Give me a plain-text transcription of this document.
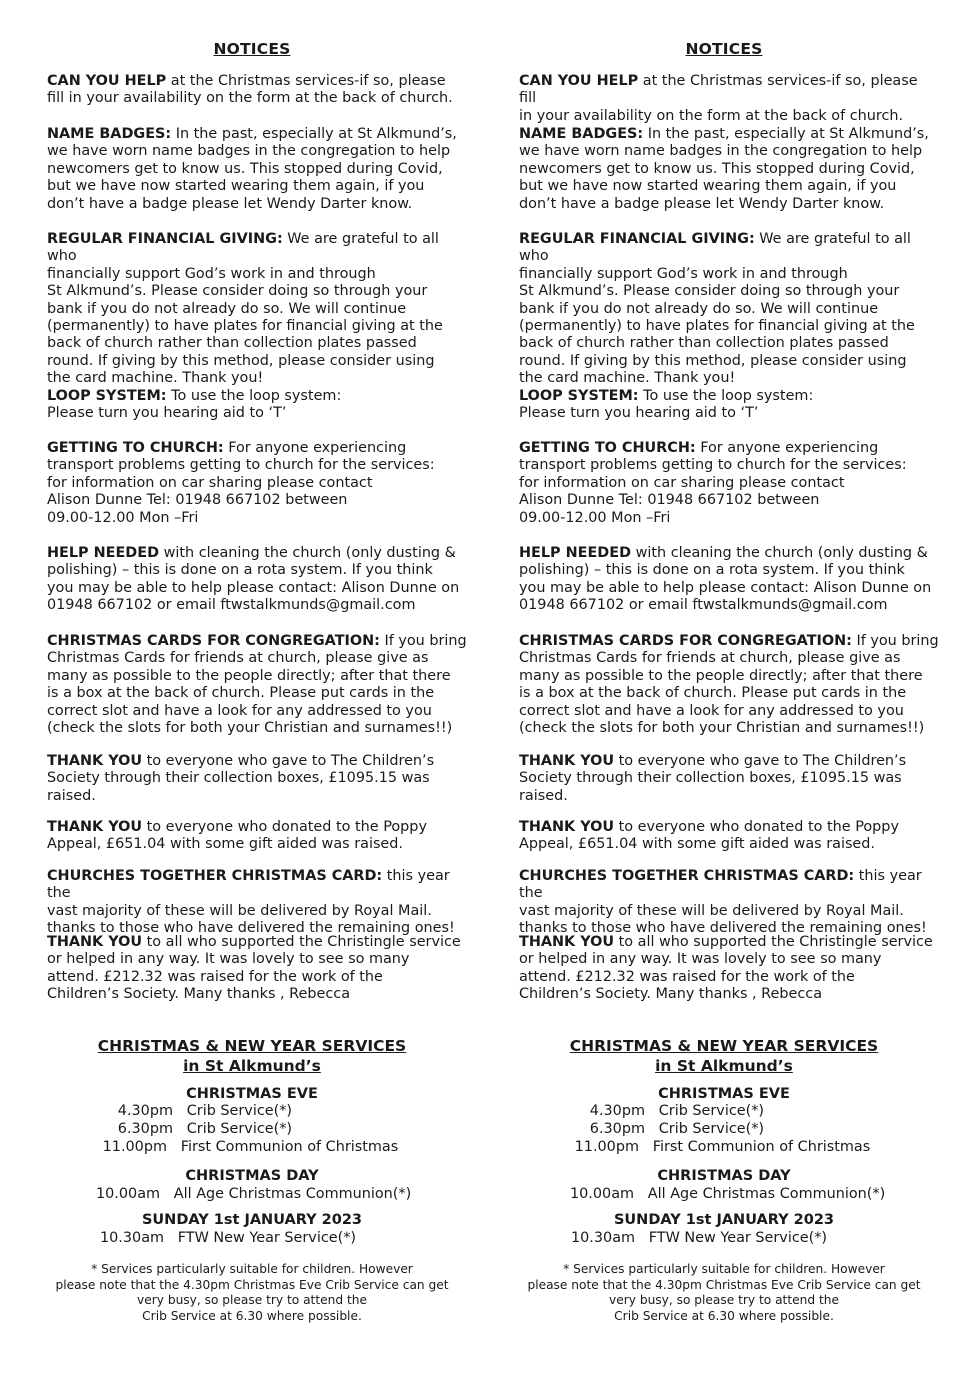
NOTICES

CAN YOU HELP at the Christmas services-if so, please
fill in your availability on the form at the back of church.

NAME BADGES: In the past, especially at St Alkmund’s,
we have worn name badges in the congregation to help
newcomers get to know us. This stopped during Covid,
but we have now started wearing them again, if you
don’t have a badge please let Wendy Darter know.

REGULAR FINANCIAL GIVING: We are grateful to all who
financially support God’s work in and through
St Alkmund’s. Please consider doing so through your
bank if you do not already do so. We will continue
(permanently) to have plates for financial giving at the
back of church rather than collection plates passed
round. If giving by this method, please consider using
the card machine. Thank you!

LOOP SYSTEM: To use the loop system:
Please turn you hearing aid to ‘T’

GETTING TO CHURCH: For anyone experiencing
transport problems getting to church for the services:
for information on car sharing please contact
Alison Dunne Tel: 01948 667102 between
09.00-12.00 Mon –Fri

HELP NEEDED with cleaning the church (only dusting &
polishing) – this is done on a rota system. If you think
you may be able to help please contact: Alison Dunne on
01948 667102 or email ftwstalkmunds@gmail.com

CHRISTMAS CARDS FOR CONGREGATION: If you bring
Christmas Cards for friends at church, please give as
many as possible to the people directly; after that there
is a box at the back of church. Please put cards in the
correct slot and have a look for any addressed to you
(check the slots for both your Christian and surnames!!)

THANK YOU to everyone who gave to The Children’s
Society through their collection boxes, £1095.15 was
raised.

THANK YOU to everyone who donated to the Poppy
Appeal, £651.04 with some gift aided was raised.

CHURCHES TOGETHER CHRISTMAS CARD: this year the
vast majority of these will be delivered by Royal Mail.
thanks to those who have delivered the remaining ones!

THANK YOU to all who supported the Christingle service
or helped in any way. It was lovely to see so many
attend. £212.32 was raised for the work of the
Children’s Society. Many thanks , Rebecca

CHRISTMAS & NEW YEAR SERVICES
in St Alkmund’s
CHRISTMAS EVE
4.30pm Crib Service(*)
6.30pm Crib Service(*)
11.00pm First Communion of Christmas
CHRISTMAS DAY
10.00am All Age Christmas Communion(*)
SUNDAY 1st JANUARY 2023
10.30am FTW New Year Service(*)
* Services particularly suitable for children. However
please note that the 4.30pm Christmas Eve Crib Service can get
very busy, so please try to attend the
Crib Service at 6.30 where possible.
NOTICES

CAN YOU HELP at the Christmas services-if so, please fill
in your availability on the form at the back of church.

NAME BADGES: In the past, especially at St Alkmund’s,
we have worn name badges in the congregation to help
newcomers get to know us. This stopped during Covid,
but we have now started wearing them again, if you
don’t have a badge please let Wendy Darter know.

REGULAR FINANCIAL GIVING: We are grateful to all who
financially support God’s work in and through
St Alkmund’s. Please consider doing so through your
bank if you do not already do so. We will continue
(permanently) to have plates for financial giving at the
back of church rather than collection plates passed
round. If giving by this method, please consider using
the card machine. Thank you!

LOOP SYSTEM: To use the loop system:
Please turn you hearing aid to ‘T’

GETTING TO CHURCH: For anyone experiencing
transport problems getting to church for the services:
for information on car sharing please contact
Alison Dunne Tel: 01948 667102 between
09.00-12.00 Mon –Fri

HELP NEEDED with cleaning the church (only dusting &
polishing) – this is done on a rota system. If you think
you may be able to help please contact: Alison Dunne on
01948 667102 or email ftwstalkmunds@gmail.com

CHRISTMAS CARDS FOR CONGREGATION: If you bring
Christmas Cards for friends at church, please give as
many as possible to the people directly; after that there
is a box at the back of church. Please put cards in the
correct slot and have a look for any addressed to you
(check the slots for both your Christian and surnames!!)

THANK YOU to everyone who gave to The Children’s
Society through their collection boxes, £1095.15 was
raised.

THANK YOU to everyone who donated to the Poppy
Appeal, £651.04 with some gift aided was raised.

CHURCHES TOGETHER CHRISTMAS CARD: this year the
vast majority of these will be delivered by Royal Mail.
thanks to those who have delivered the remaining ones!

THANK YOU to all who supported the Christingle service
or helped in any way. It was lovely to see so many
attend. £212.32 was raised for the work of the
Children’s Society. Many thanks , Rebecca

CHRISTMAS & NEW YEAR SERVICES
in St Alkmund’s
CHRISTMAS EVE
4.30pm Crib Service(*)
6.30pm Crib Service(*)
11.00pm First Communion of Christmas
CHRISTMAS DAY
10.00am All Age Christmas Communion(*)
SUNDAY 1st JANUARY 2023
10.30am FTW New Year Service(*)
* Services particularly suitable for children. However
please note that the 4.30pm Christmas Eve Crib Service can get
very busy, so please try to attend the
Crib Service at 6.30 where possible.
